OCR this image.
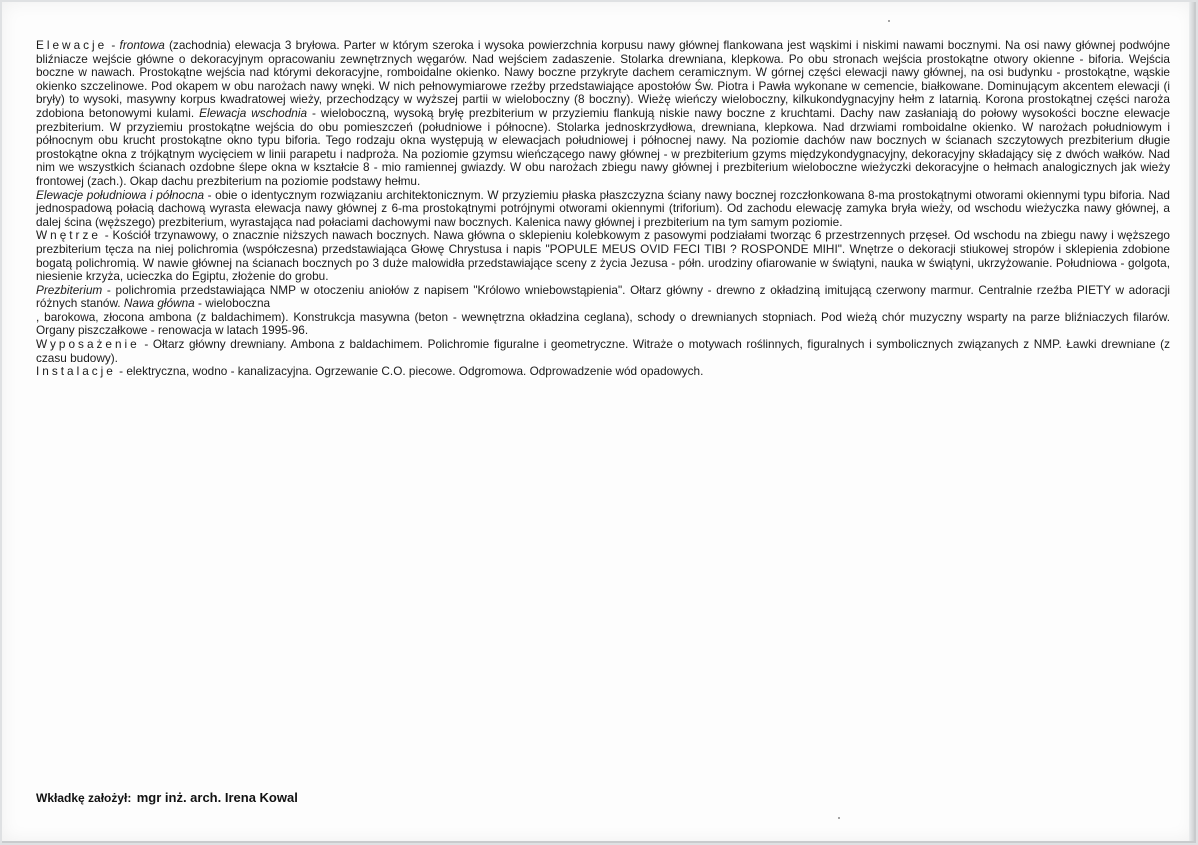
Elewacje - frontowa (zachodnia) elewacja 3 bryłowa. Parter w którym szeroka i wysoka powierzchnia korpusu nawy głównej flankowana jest wąskimi i niskimi nawami bocznymi. Na osi nawy głównej podwójne bliźniacze wejście główne o dekoracyjnym opracowaniu zewnętrznych węgarów. Nad wejściem zadaszenie. Stolarka drewniana, klepkowa. Po obu stronach wejścia prostokątne otwory okienne - biforia. Wejścia boczne w nawach. Prostokątne wejścia nad którymi dekoracyjne, romboidalne okienko. Nawy boczne przykryte dachem ceramicznym. W górnej części elewacji nawy głównej, na osi budynku - prostokątne, wąskie okienko szczelinowe. Pod okapem w obu narożach nawy wnęki. W nich pełnowymiarowe rzeźby przedstawiające apostołów Św. Piotra i Pawła wykonane w cemencie, białkowane. Dominującym akcentem elewacji (i bryły) to wysoki, masywny korpus kwadratowej wieży, przechodzący w wyższej partii w wieloboczny (8 boczny). Wieżę wieńczy wieloboczny, kilkukondygnacyjny hełm z latarnią. Korona prostokątnej części naroża zdobiona betonowymi kulami. Elewacja wschodnia - wieloboczną, wysoką bryłę prezbiterium w przyziemiu flankują niskie nawy boczne z kruchtami. Dachy naw zasłaniają do połowy wysokości boczne elewacje prezbiterium. W przyziemiu prostokątne wejścia do obu pomieszczeń (południowe i północne). Stolarka jednoskrzydłowa, drewniana, klepkowa. Nad drzwiami romboidalne okienko. W narożach południowym i północnym obu krucht prostokątne okno typu biforia. Tego rodzaju okna występują w elewacjach południowej i północnej nawy. Na poziomie dachów naw bocznych w ścianach szczytowych prezbiterium długie prostokątne okna z trójkątnym wycięciem w linii parapetu i nadproża. Na poziomie gzymsu wieńczącego nawy głównej - w prezbiterium gzyms międzykondygnacyjny, dekoracyjny składający się z dwóch wałków. Nad nim we wszystkich ścianach ozdobne ślepe okna w kształcie 8 - mio ramiennej gwiazdy. W obu narożach zbiegu nawy głównej i prezbiterium wieloboczne wieżyczki dekoracyjne o hełmach analogicznych jak wieży frontowej (zach.). Okap dachu prezbiterium na poziomie podstawy hełmu.

Elewacje południowa i północna - obie o identycznym rozwiązaniu architektonicznym. W przyziemiu płaska płaszczyzna ściany nawy bocznej rozczłonkowana 8-ma prostokątnymi otworami okiennymi typu biforia. Nad jednospadową połacią dachową wyrasta elewacja nawy głównej z 6-ma prostokątnymi potrójnymi otworami okiennymi (triforium). Od zachodu elewację zamyka bryła wieży, od wschodu wieżyczka nawy głównej, a dalej ścina (węższego) prezbiterium, wyrastająca nad połaciami dachowymi naw bocznych. Kalenica nawy głównej i prezbiterium na tym samym poziomie.

Wnętrze - Kościół trzynawowy, o znacznie niższych nawach bocznych. Nawa główna o sklepieniu kolebkowym z pasowymi podziałami tworząc 6 przestrzennych przęseł. Od wschodu na zbiegu nawy i węższego prezbiterium tęcza na niej polichromia (współczesna) przedstawiająca Głowę Chrystusa i napis "POPULE MEUS OVID FECI TIBI ? ROSPONDE MIHI". Wnętrze o dekoracji stiukowej stropów i sklepienia zdobione bogatą polichromią. W nawie głównej na ścianach bocznych po 3 duże malowidła przedstawiające sceny z życia Jezusa - półn. urodziny ofiarowanie w świątyni, nauka w świątyni, ukrzyżowanie. Południowa - golgota, niesienie krzyża, ucieczka do Egiptu, złożenie do grobu.

Prezbiterium - polichromia przedstawiająca NMP w otoczeniu aniołów z napisem "Królowo wniebowstąpienia". Ołtarz główny - drewno z okładziną imitującą czerwony marmur. Centralnie rzeźba PIETY w adoracji różnych stanów. Nawa główna - wieloboczna

, barokowa, złocona ambona (z baldachimem). Konstrukcja masywna (beton - wewnętrzna okładzina ceglana), schody o drewnianych stopniach. Pod wieżą chór muzyczny wsparty na parze bliźniaczych filarów. Organy piszczałkowe - renowacja w latach 1995-96.

Wyposażenie - Ołtarz główny drewniany. Ambona z baldachimem. Polichromie figuralne i geometryczne. Witraże o motywach roślinnych, figuralnych i symbolicznych związanych z NMP. Ławki drewniane (z czasu budowy).

Instalacje - elektryczna, wodno - kanalizacyjna. Ogrzewanie C.O. piecowe. Odgromowa. Odprowadzenie wód opadowych.

Wkładkę założył: mgr inż. arch. Irena Kowal
